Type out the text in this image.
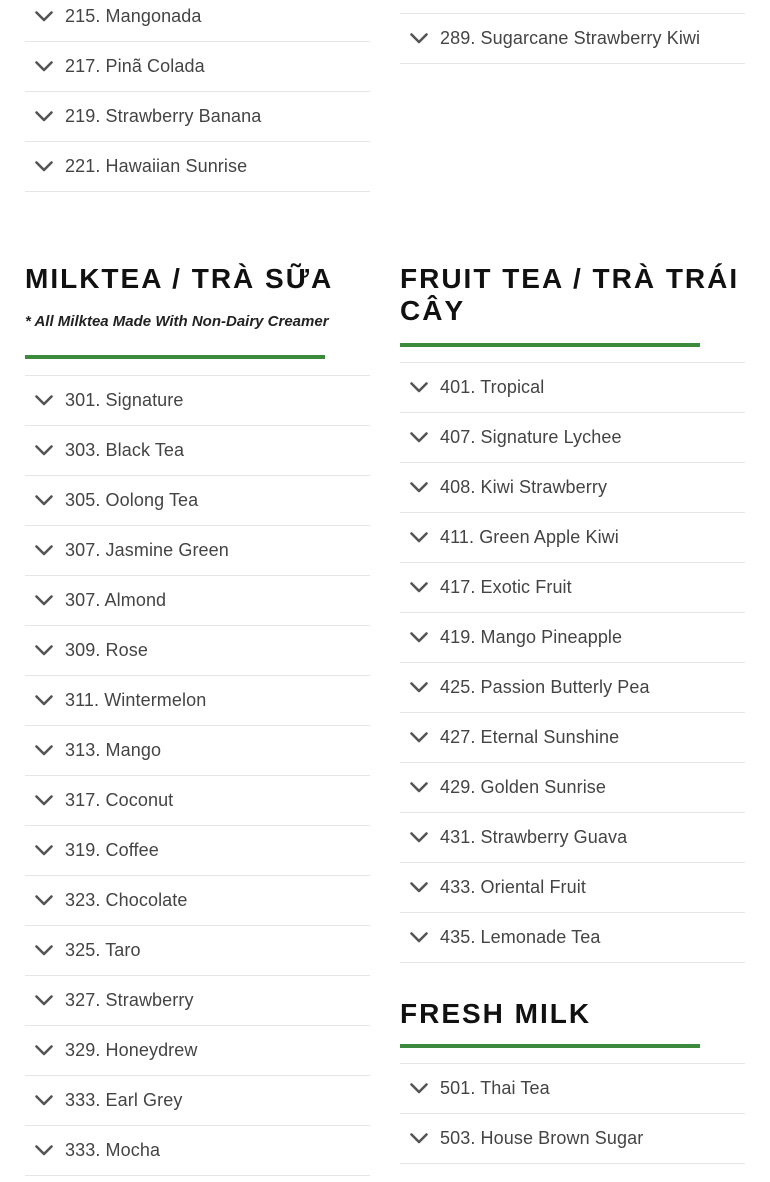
215. Mangonada
217. Pinã Colada
219. Strawberry Banana
221. Hawaiian Sunrise
289. Sugarcane Strawberry Kiwi
MILKTEA / TRÀ SỮA
* All Milktea Made With Non-Dairy Creamer
301. Signature
303. Black Tea
305. Oolong Tea
307. Jasmine Green
307. Almond
309. Rose
311. Wintermelon
313. Mango
317. Coconut
319. Coffee
323. Chocolate
325. Taro
327. Strawberry
329. Honeydrew
333. Earl Grey
333. Mocha
FRUIT TEA / TRÀ TRÁI CÂY
401. Tropical
407. Signature Lychee
408. Kiwi Strawberry
411. Green Apple Kiwi
417. Exotic Fruit
419. Mango Pineapple
425. Passion Butterly Pea
427. Eternal Sunshine
429. Golden Sunrise
431. Strawberry Guava
433. Oriental Fruit
435. Lemonade Tea
FRESH MILK
501. Thai Tea
503. House Brown Sugar
